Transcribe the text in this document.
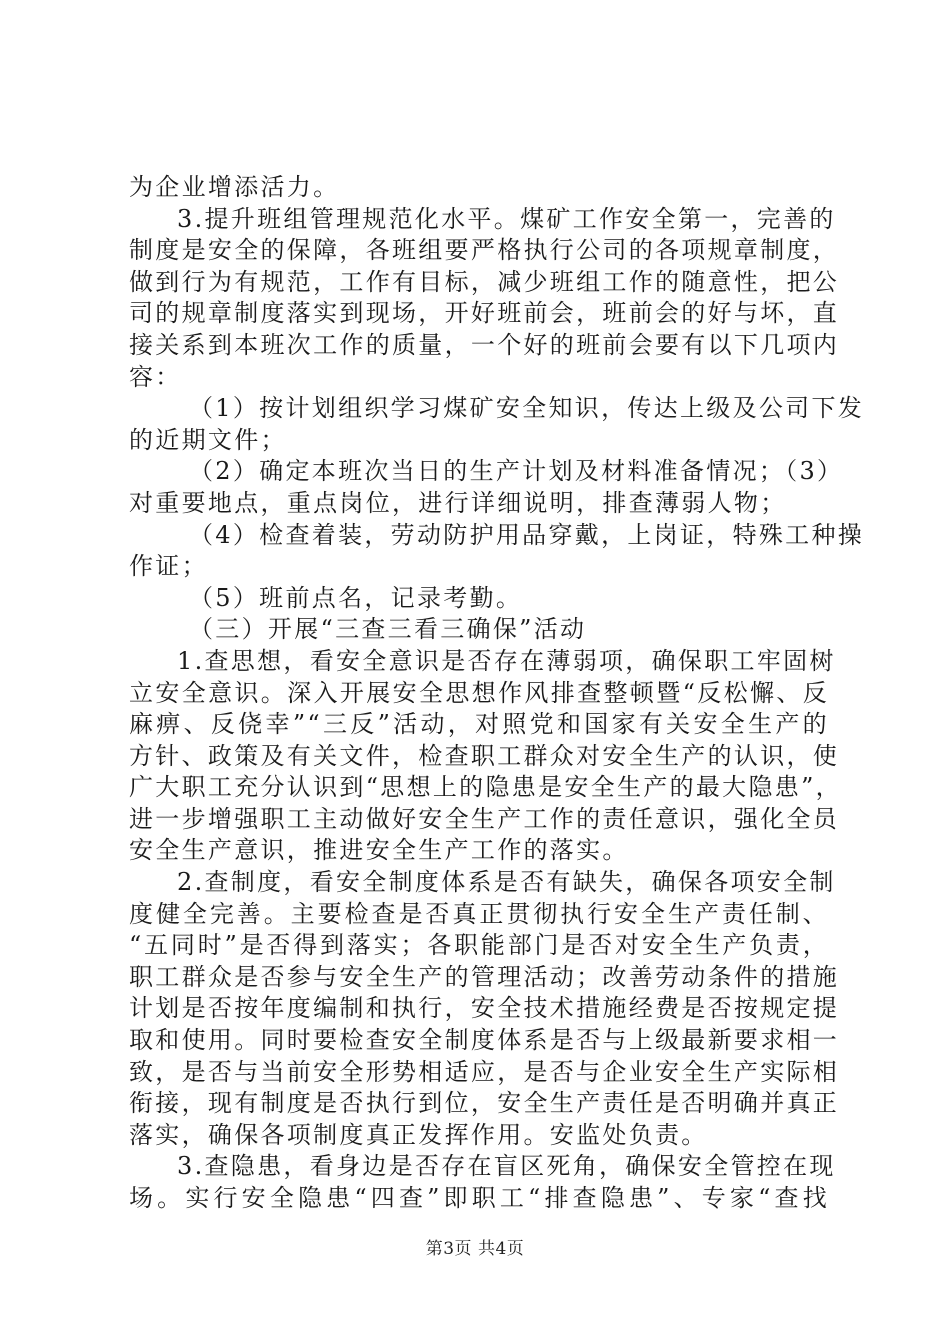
为企业增添活力。
3.提升班组管理规范化水平。煤矿工作安全第一，完善的
制度是安全的保障，各班组要严格执行公司的各项规章制度，
做到行为有规范，工作有目标，减少班组工作的随意性，把公
司的规章制度落实到现场，开好班前会，班前会的好与坏，直
接关系到本班次工作的质量，一个好的班前会要有以下几项内
容：
（1）按计划组织学习煤矿安全知识，传达上级及公司下发
的近期文件；
（2）确定本班次当日的生产计划及材料准备情况；（3）
对重要地点，重点岗位，进行详细说明，排查薄弱人物；
（4）检查着装，劳动防护用品穿戴，上岗证，特殊工种操
作证；
（5）班前点名，记录考勤。
（三）开展“三查三看三确保”活动
1.查思想，看安全意识是否存在薄弱项，确保职工牢固树
立安全意识。深入开展安全思想作风排查整顿暨“反松懈、反
麻痹、反侥幸”“三反”活动，对照党和国家有关安全生产的
方针、政策及有关文件，检查职工群众对安全生产的认识，使
广大职工充分认识到“思想上的隐患是安全生产的最大隐患”，
进一步增强职工主动做好安全生产工作的责任意识，强化全员
安全生产意识，推进安全生产工作的落实。
2.查制度，看安全制度体系是否有缺失，确保各项安全制
度健全完善。主要检查是否真正贯彻执行安全生产责任制、
“五同时”是否得到落实；各职能部门是否对安全生产负责，
职工群众是否参与安全生产的管理活动；改善劳动条件的措施
计划是否按年度编制和执行，安全技术措施经费是否按规定提
取和使用。同时要检查安全制度体系是否与上级最新要求相一
致，是否与当前安全形势相适应，是否与企业安全生产实际相
衔接，现有制度是否执行到位，安全生产责任是否明确并真正
落实，确保各项制度真正发挥作用。安监处负责。
3.查隐患，看身边是否存在盲区死角，确保安全管控在现
场。实行安全隐患“四查”即职工“排查隐患”、专家“查找
第3页 共4页
